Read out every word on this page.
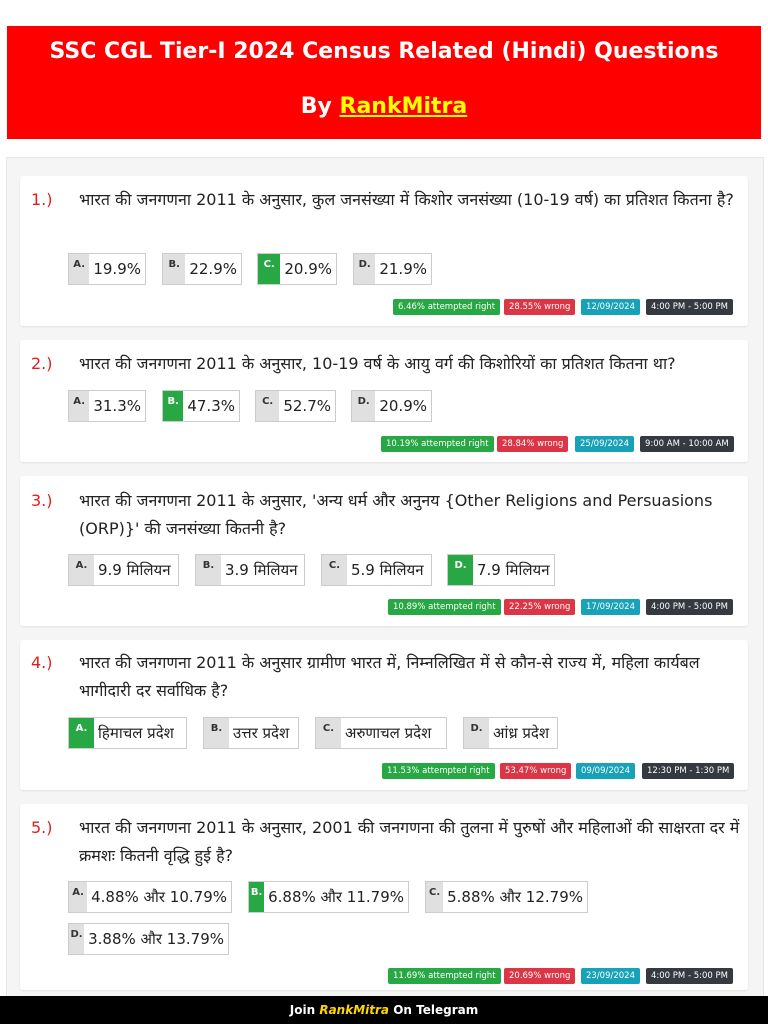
SSC CGL Tier-I 2024 Census Related (Hindi) Questions
By RankMitra
1.) भारत की जनगणना 2011 के अनुसार, कुल जनसंख्या में किशोर जनसंख्या (10-19 वर्ष) का प्रतिशत कितना है?
A. 19.9%	B. 22.9%	C. 20.9%	D. 21.9%
6.46% attempted right	28.55% wrong	12/09/2024	4:00 PM - 5:00 PM
2.) भारत की जनगणना 2011 के अनुसार, 10-19 वर्ष के आयु वर्ग की किशोरियों का प्रतिशत कितना था?
A. 31.3%	B. 47.3%	C. 52.7%	D. 20.9%
10.19% attempted right	28.84% wrong	25/09/2024	9:00 AM - 10:00 AM
3.) भारत की जनगणना 2011 के अनुसार, 'अन्य धर्म और अनुनय {Other Religions and Persuasions (ORP)}' की जनसंख्या कितनी है?
A. 9.9 मिलियन	B. 3.9 मिलियन	C. 5.9 मिलियन	D. 7.9 मिलियन
10.89% attempted right	22.25% wrong	17/09/2024	4:00 PM - 5:00 PM
4.) भारत की जनगणना 2011 के अनुसार ग्रामीण भारत में, निम्नलिखित में से कौन-से राज्य में, महिला कार्यबल भागीदारी दर सर्वाधिक है?
A. हिमाचल प्रदेश	B. उत्तर प्रदेश	C. अरुणाचल प्रदेश	D. आंध्र प्रदेश
11.53% attempted right	53.47% wrong	09/09/2024	12:30 PM - 1:30 PM
5.) भारत की जनगणना 2011 के अनुसार, 2001 की जनगणना की तुलना में पुरुषों और महिलाओं की साक्षरता दर में क्रमशः कितनी वृद्धि हुई है?
A. 4.88% और 10.79%	B. 6.88% और 11.79%	C. 5.88% और 12.79%
D. 3.88% और 13.79%
11.69% attempted right	20.69% wrong	23/09/2024	4:00 PM - 5:00 PM
Join RankMitra On Telegram
